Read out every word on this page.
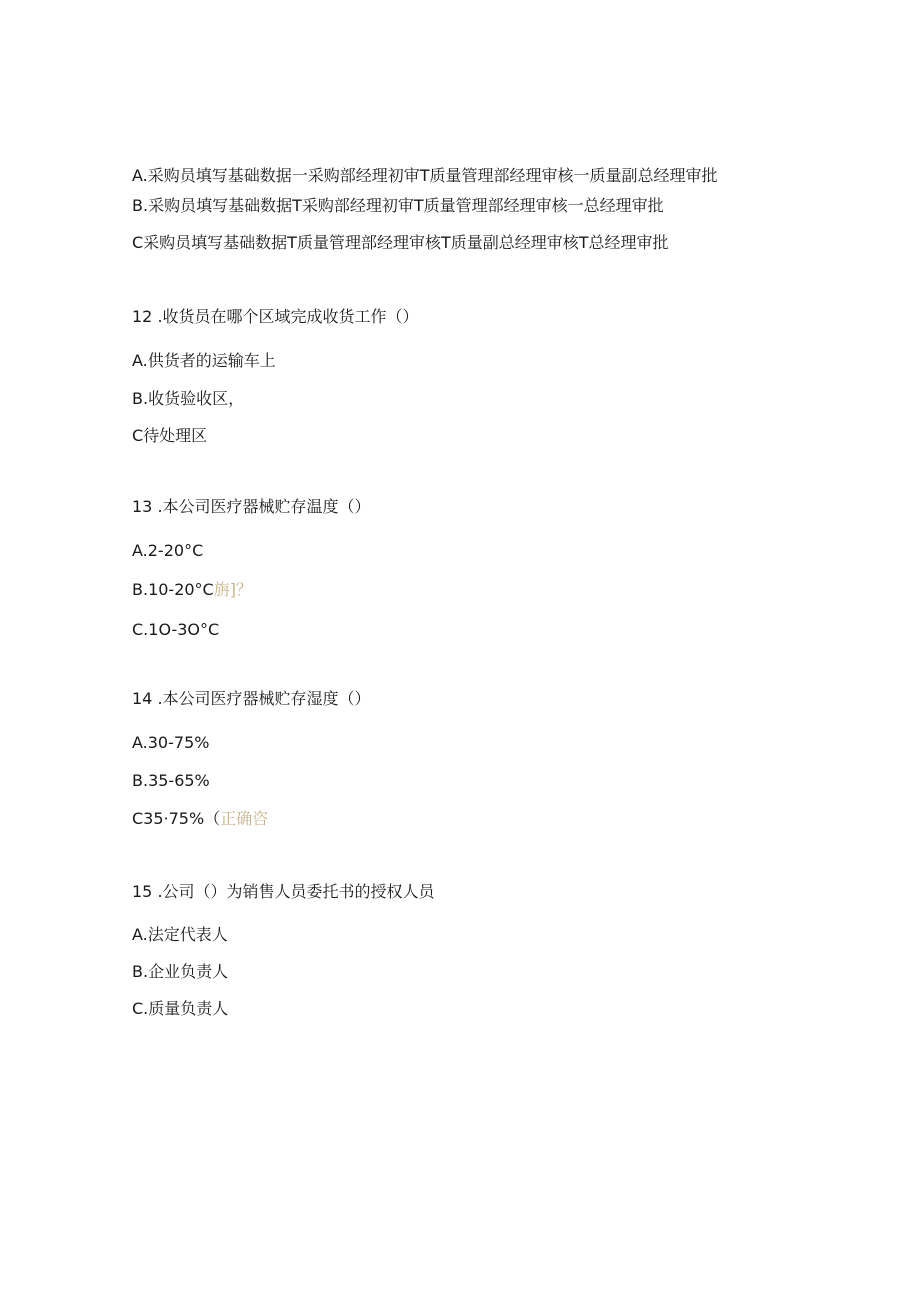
A.采购员填写基础数据一采购部经理初审T质量管理部经理审核一质量副总经理审批
B.采购员填写基础数据T采购部经理初审T质量管理部经理审核一总经理审批
C采购员填写基础数据T质量管理部经理审核T质量副总经理审核T总经理审批
12 .收货员在哪个区域完成收货工作（）
A.供货者的运输车上
B.收货验收区，
C待处理区
13 .本公司医疗器械贮存温度（）
A.2-20°C
B.10-20°C旃]？
C.1O-3O°C
14 .本公司医疗器械贮存湿度（）
A.30-75%
B.35-65%
C35·75%（正确咨
15 .公司（）为销售人员委托书的授权人员
A.法定代表人
B.企业负责人
C.质量负责人
